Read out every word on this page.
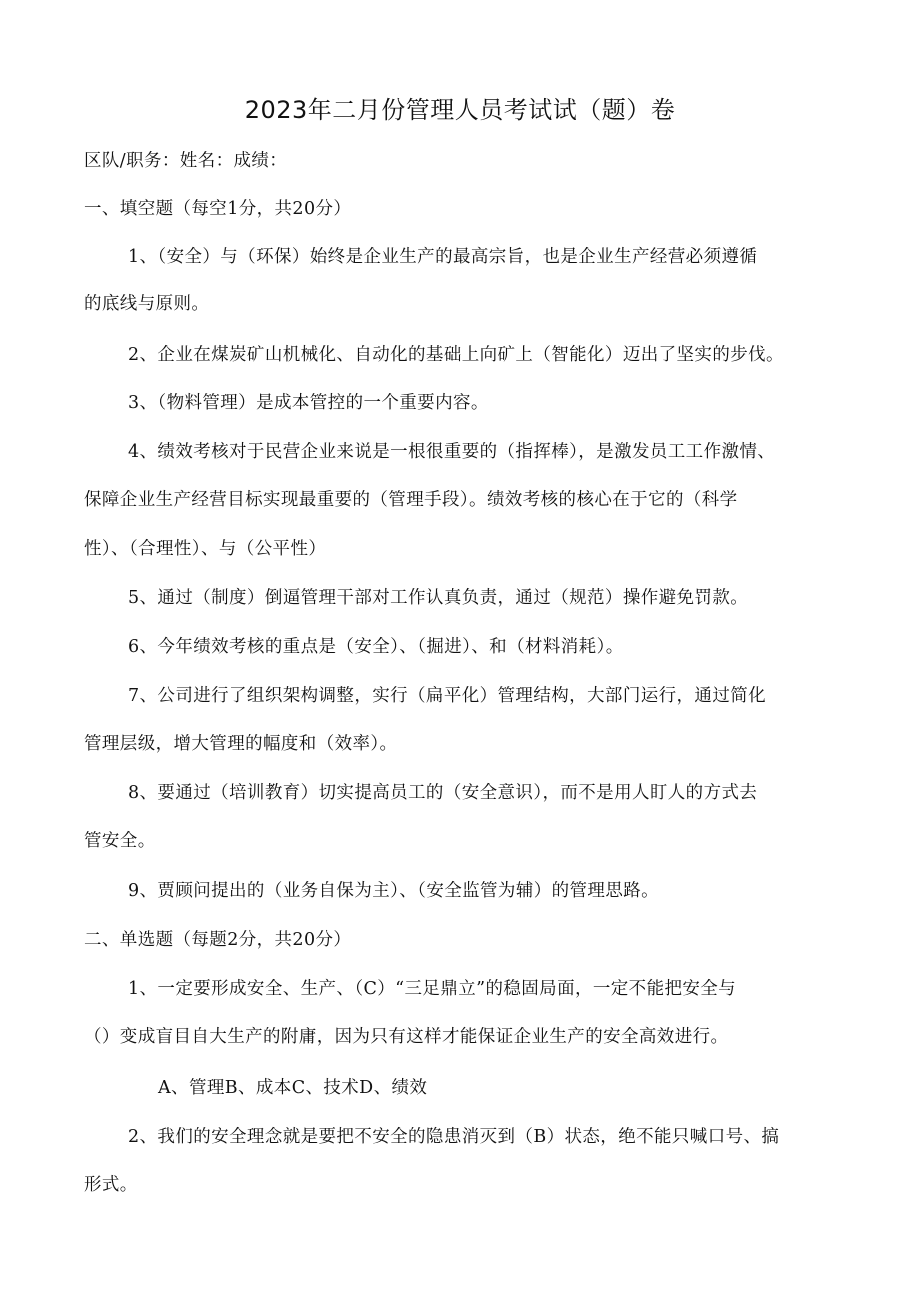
2023年二月份管理人员考试试（题）卷
区队/职务：姓名：成绩：
一、填空题（每空1分，共20分）
1、（安全）与（环保）始终是企业生产的最高宗旨，也是企业生产经营必须遵循
的底线与原则。
2、企业在煤炭矿山机械化、自动化的基础上向矿上（智能化）迈出了坚实的步伐。
3、（物料管理）是成本管控的一个重要内容。
4、绩效考核对于民营企业来说是一根很重要的（指挥棒），是激发员工工作激情、
保障企业生产经营目标实现最重要的（管理手段）。绩效考核的核心在于它的（科学
性）、（合理性）、与（公平性）
5、通过（制度）倒逼管理干部对工作认真负责，通过（规范）操作避免罚款。
6、今年绩效考核的重点是（安全）、（掘进）、和（材料消耗）。
7、公司进行了组织架构调整，实行（扁平化）管理结构，大部门运行，通过简化
管理层级，增大管理的幅度和（效率）。
8、要通过（培训教育）切实提高员工的（安全意识），而不是用人盯人的方式去
管安全。
9、贾顾问提出的（业务自保为主）、（安全监管为辅）的管理思路。
二、单选题（每题2分，共20分）
1、一定要形成安全、生产、（C）“三足鼎立”的稳固局面，一定不能把安全与
（）变成盲目自大生产的附庸，因为只有这样才能保证企业生产的安全高效进行。
A、管理B、成本C、技术D、绩效
2、我们的安全理念就是要把不安全的隐患消灭到（B）状态，绝不能只喊口号、搞
形式。
